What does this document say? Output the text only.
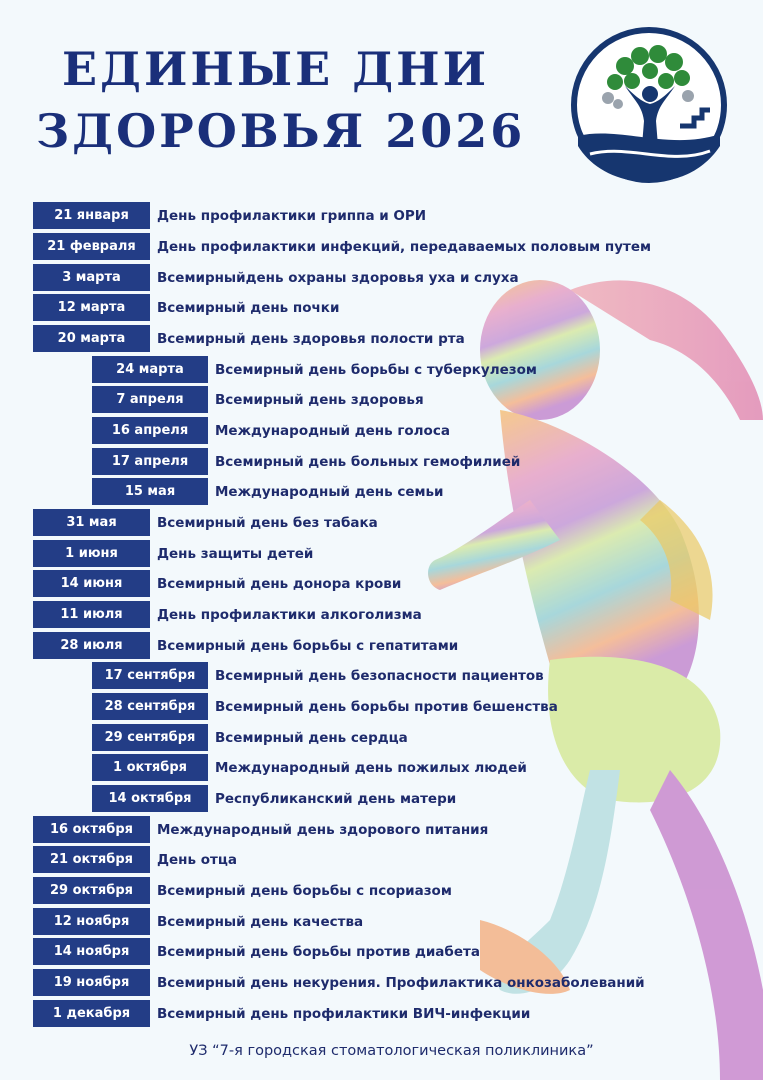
ЕДИНЫЕ ДНИ
ЗДОРОВЬЯ 2026
21 января	День профилактики гриппа и ОРИ
21 февраля	День профилактики инфекций, передаваемых половым путем
3 марта	Всемирныйдень охраны здоровья уха и слуха
12 марта	Всемирный день почки
20 марта	Всемирный день здоровья полости рта
24 марта	Всемирный день борьбы с туберкулезом
7 апреля	Всемирный день здоровья
16 апреля	Международный день голоса
17 апреля	Всемирный день больных гемофилией
15 мая	Международный день семьи
31 мая	Всемирный день без табака
1 июня	День защиты детей
14 июня	Всемирный день донора крови
11 июля	День профилактики алкоголизма
28 июля	Всемирный день борьбы с гепатитами
17 сентября	Всемирный день безопасности пациентов
28 сентября	Всемирный день борьбы против бешенства
29 сентября	Всемирный день сердца
1 октября	Международный день пожилых людей
14 октября	Республиканский день матери
16 октября	Международный день здорового питания
21 октября	День отца
29 октября	Всемирный день борьбы с псориазом
12 ноября	Всемирный день качества
14 ноября	Всемирный день борьбы против диабета
19 ноября	Всемирный день некурения. Профилактика онкозаболеваний
1 декабря	Всемирный день профилактики ВИЧ-инфекции
УЗ “7-я городская стоматологическая поликлиника”
